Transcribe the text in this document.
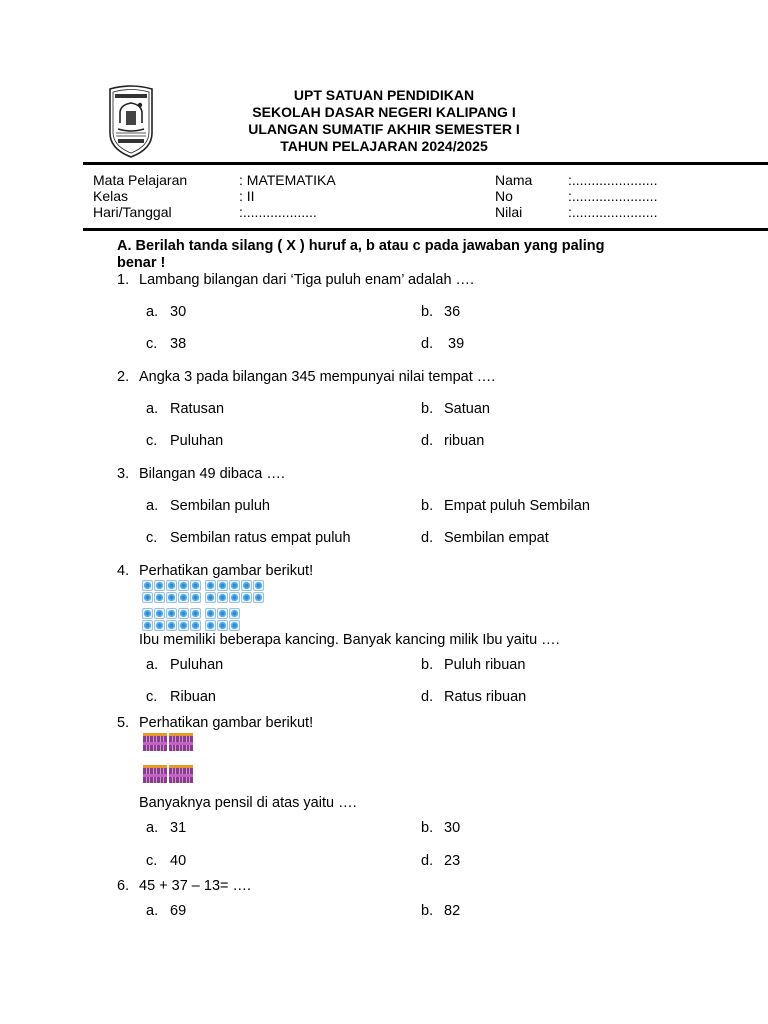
UPT SATUAN PENDIDIKAN
SEKOLAH DASAR NEGERI KALIPANG I
ULANGAN SUMATIF AKHIR SEMESTER I
TAHUN PELAJARAN 2024/2025
Mata Pelajaran	: MATEMATIKA
Kelas	: II
Hari/Tanggal	:...................
Nama	:......................
No	:......................
Nilai	:......................
A. Berilah tanda silang ( X ) huruf a, b atau c pada jawaban yang paling
benar !
1. Lambang bilangan dari ‘Tiga puluh enam’ adalah ….
a. 30	b. 36
c. 38	d. 39
2. Angka 3 pada bilangan 345 mempunyai nilai tempat ….
a. Ratusan	b. Satuan
c. Puluhan	d. ribuan
3. Bilangan 49 dibaca ….
a. Sembilan puluh	b. Empat puluh Sembilan
c. Sembilan ratus empat puluh	d. Sembilan empat
4. Perhatikan gambar berikut!
Ibu memiliki beberapa kancing. Banyak kancing milik Ibu yaitu ….
a. Puluhan	b. Puluh ribuan
c. Ribuan	d. Ratus ribuan
5. Perhatikan gambar berikut!
Banyaknya pensil di atas yaitu ….
a. 31	b. 30
c. 40	d. 23
6. 45 + 37 – 13= ….
a. 69	b. 82
